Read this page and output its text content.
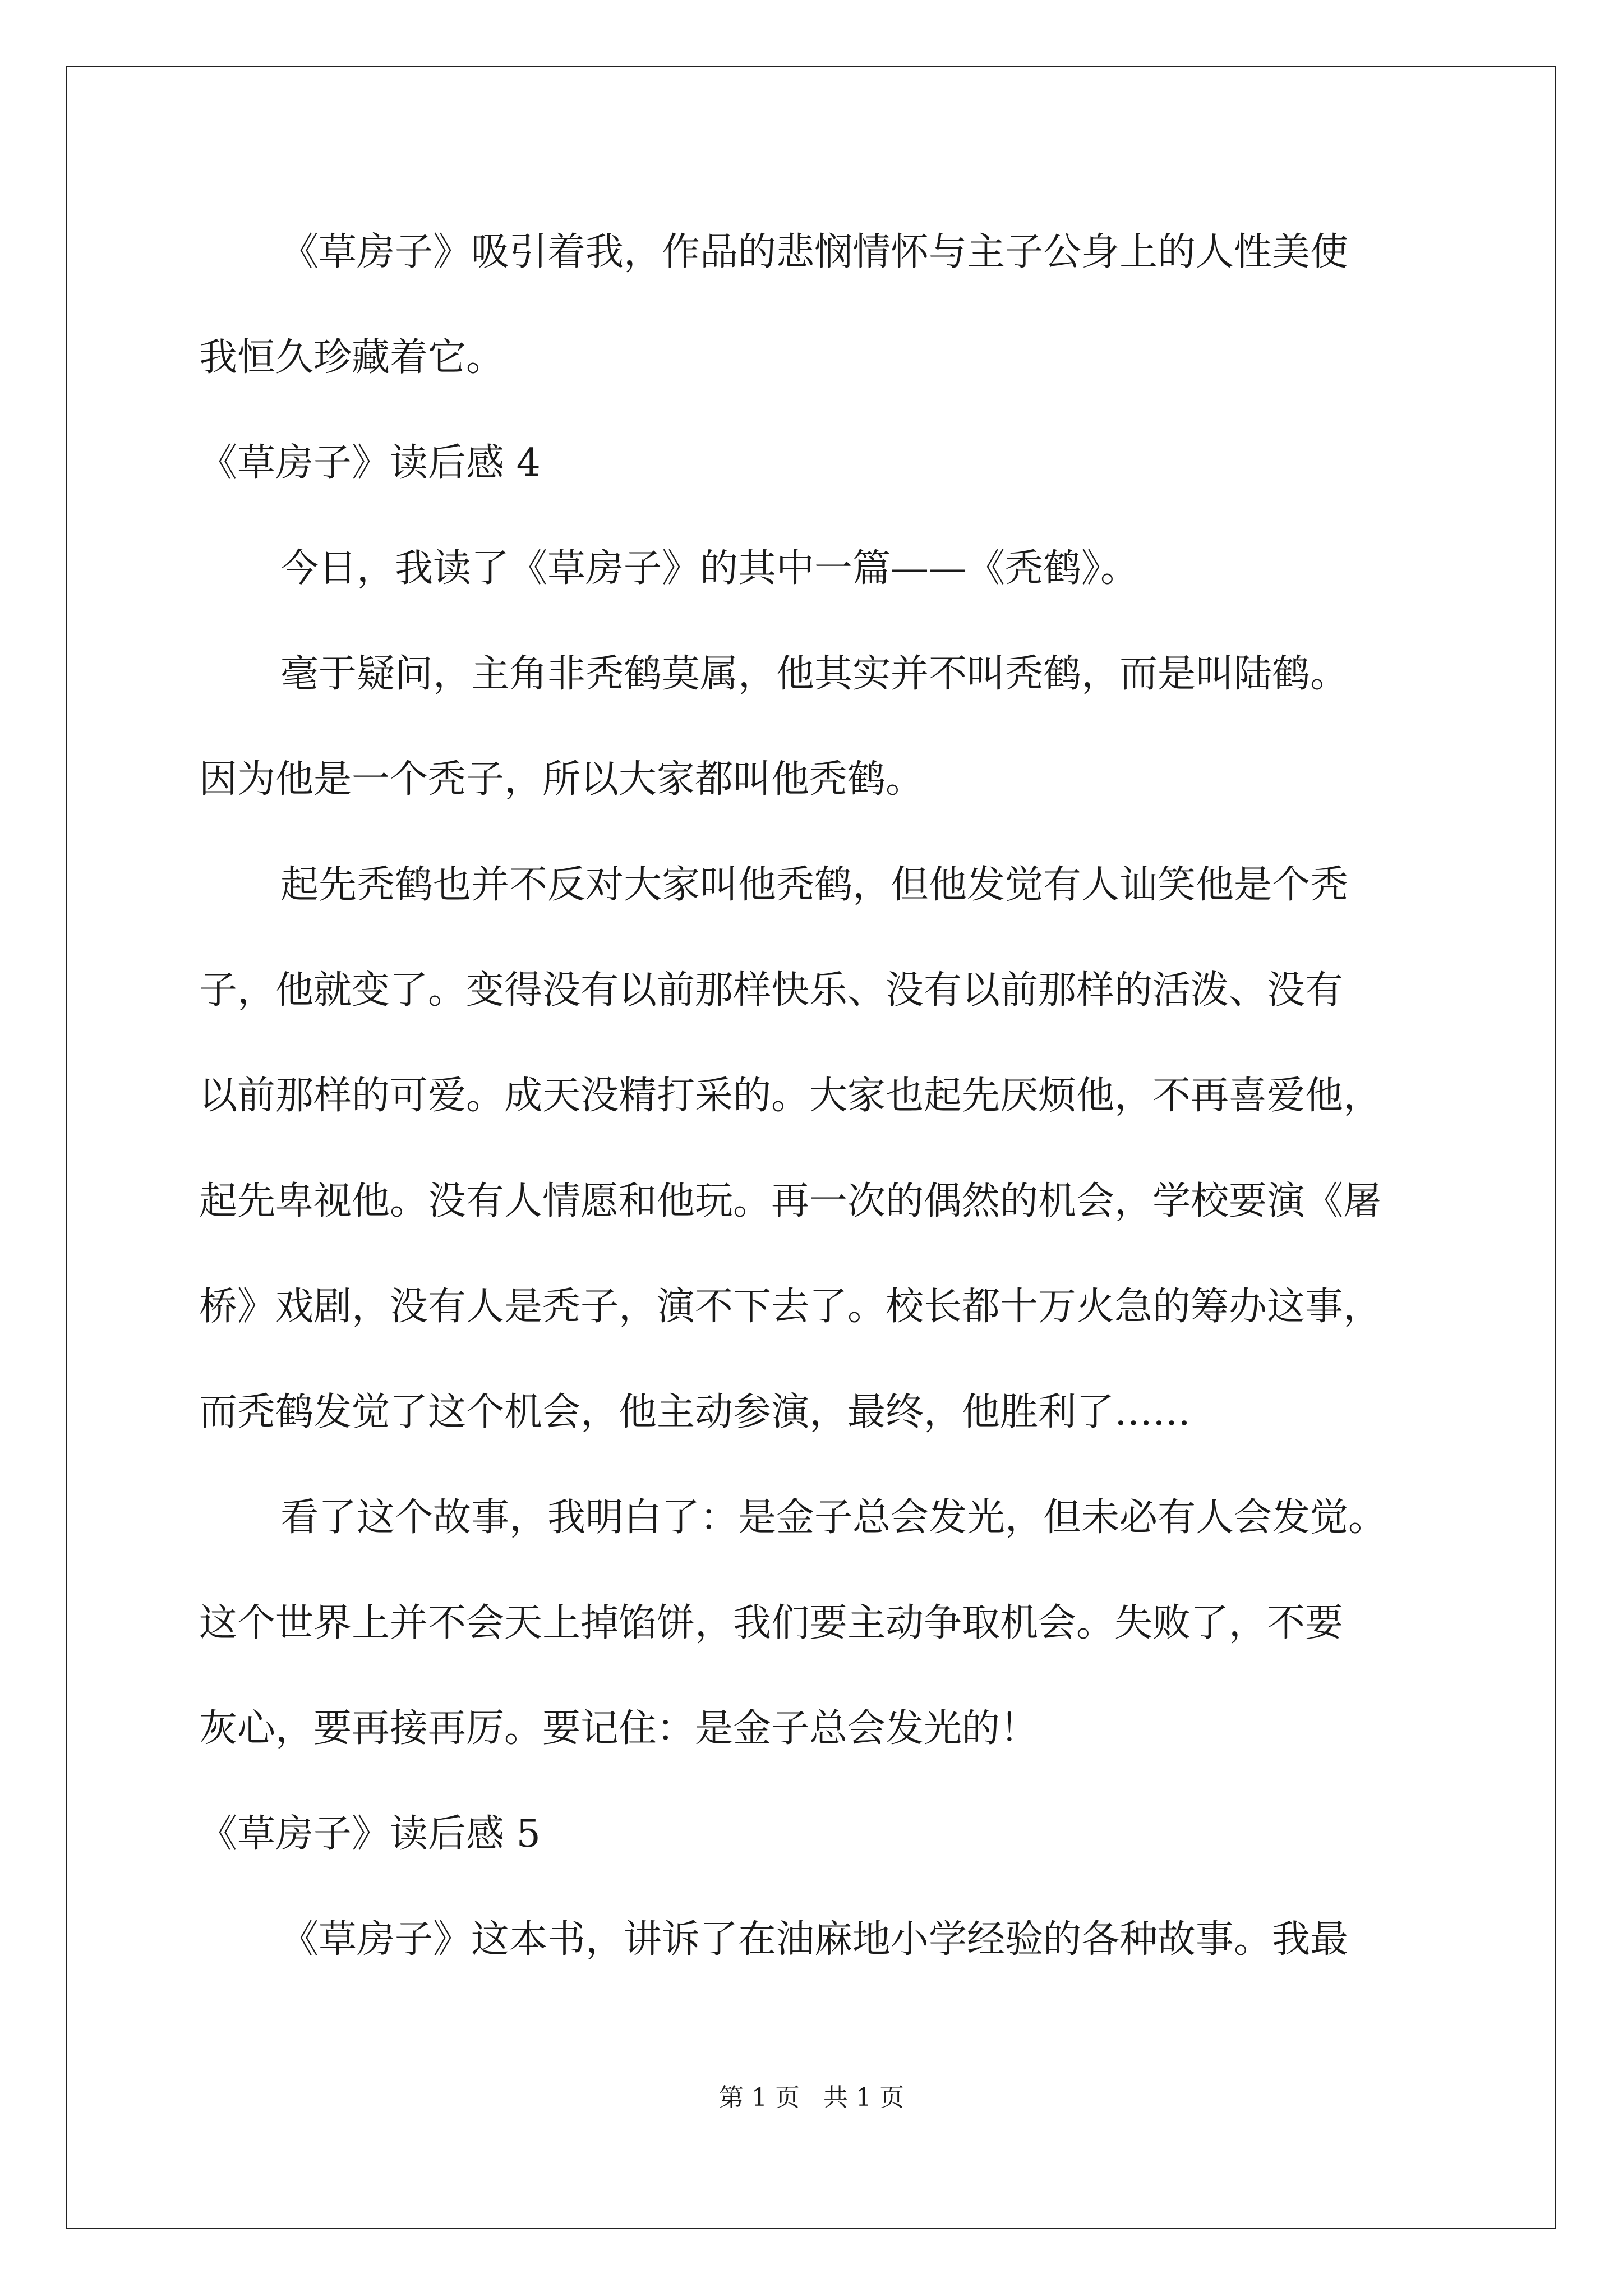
《草房子》吸引着我，作品的悲悯情怀与主子公身上的人性美使
我恒久珍藏着它。
《草房子》读后感 4
今日，我读了《草房子》的其中一篇——《秃鹤》。
毫于疑问，主角非秃鹤莫属，他其实并不叫秃鹤，而是叫陆鹤。
因为他是一个秃子，所以大家都叫他秃鹤。
起先秃鹤也并不反对大家叫他秃鹤，但他发觉有人讪笑他是个秃
子，他就变了。变得没有以前那样快乐、没有以前那样的活泼、没有
以前那样的可爱。成天没精打采的。大家也起先厌烦他，不再喜爱他，
起先卑视他。没有人情愿和他玩。再一次的偶然的机会，学校要演《屠
桥》戏剧，没有人是秃子，演不下去了。校长都十万火急的筹办这事，
而秃鹤发觉了这个机会，他主动参演，最终，他胜利了……
看了这个故事，我明白了：是金子总会发光，但未必有人会发觉。
这个世界上并不会天上掉馅饼，我们要主动争取机会。失败了，不要
灰心，要再接再厉。要记住：是金子总会发光的！
《草房子》读后感 5
《草房子》这本书，讲诉了在油麻地小学经验的各种故事。我最
第 1 页 共 1 页
